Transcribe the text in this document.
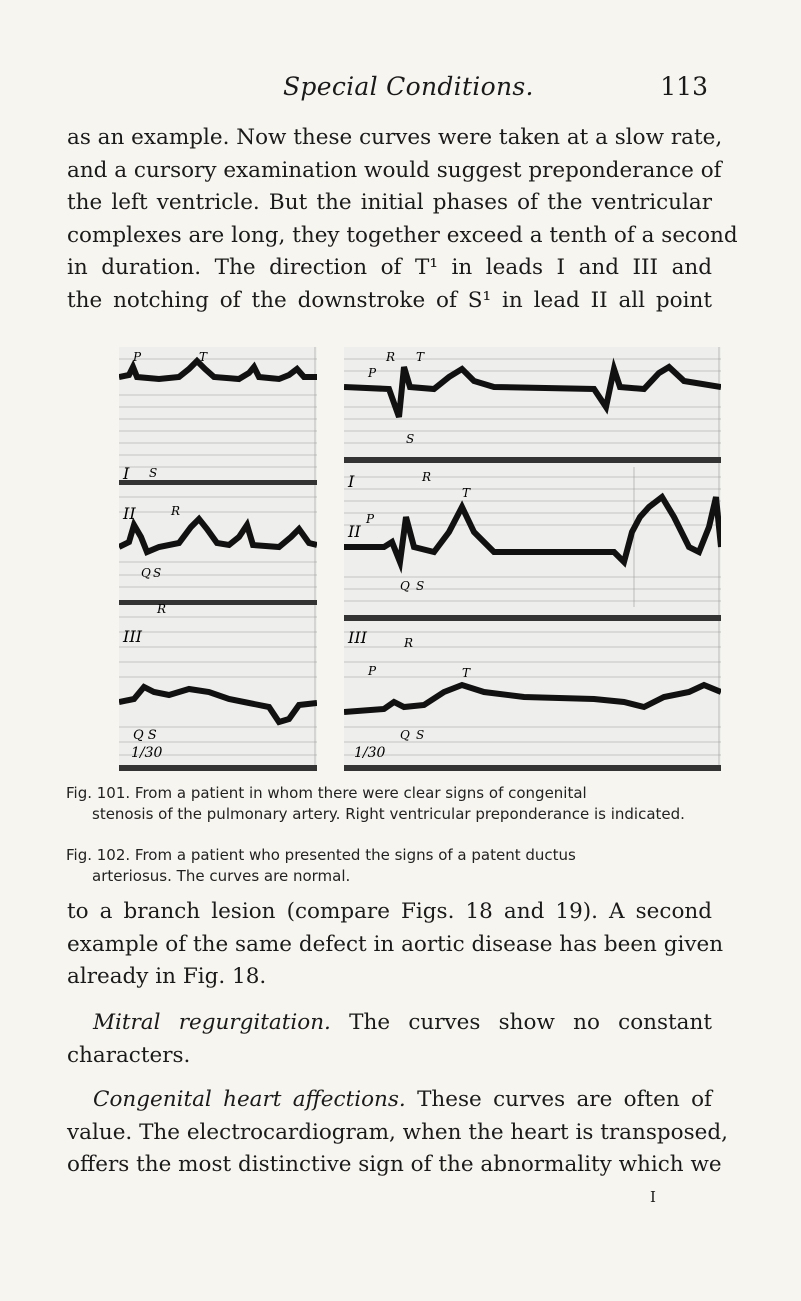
Special Conditions.	113

as an example. Now these curves were taken at a slow rate,
and a cursory examination would suggest preponderance of
the left ventricle. But the initial phases of the ventricular
complexes are long, they together exceed a tenth of a second
in duration. The direction of T¹ in leads I and III and
the notching of the downstroke of S¹ in lead II all point

I
II
III
P	T
S
R
Q S
R
Q S
1/30
I
II
III
R T
P
S
R
T
P
Q S
R
T
P
Q S
1/30
Fig. 101. From a patient in whom there were clear signs of congenital
stenosis of the pulmonary artery. Right ventricular preponderance is indicated.
Fig. 102. From a patient who presented the signs of a patent ductus
arteriosus. The curves are normal.

to a branch lesion (compare Figs. 18 and 19). A second
example of the same defect in aortic disease has been given
already in Fig. 18.

Mitral regurgitation. The curves show no constant
characters.

Congenital heart affections. These curves are often of
value. The electrocardiogram, when the heart is transposed,
offers the most distinctive sign of the abnormality which we

I
